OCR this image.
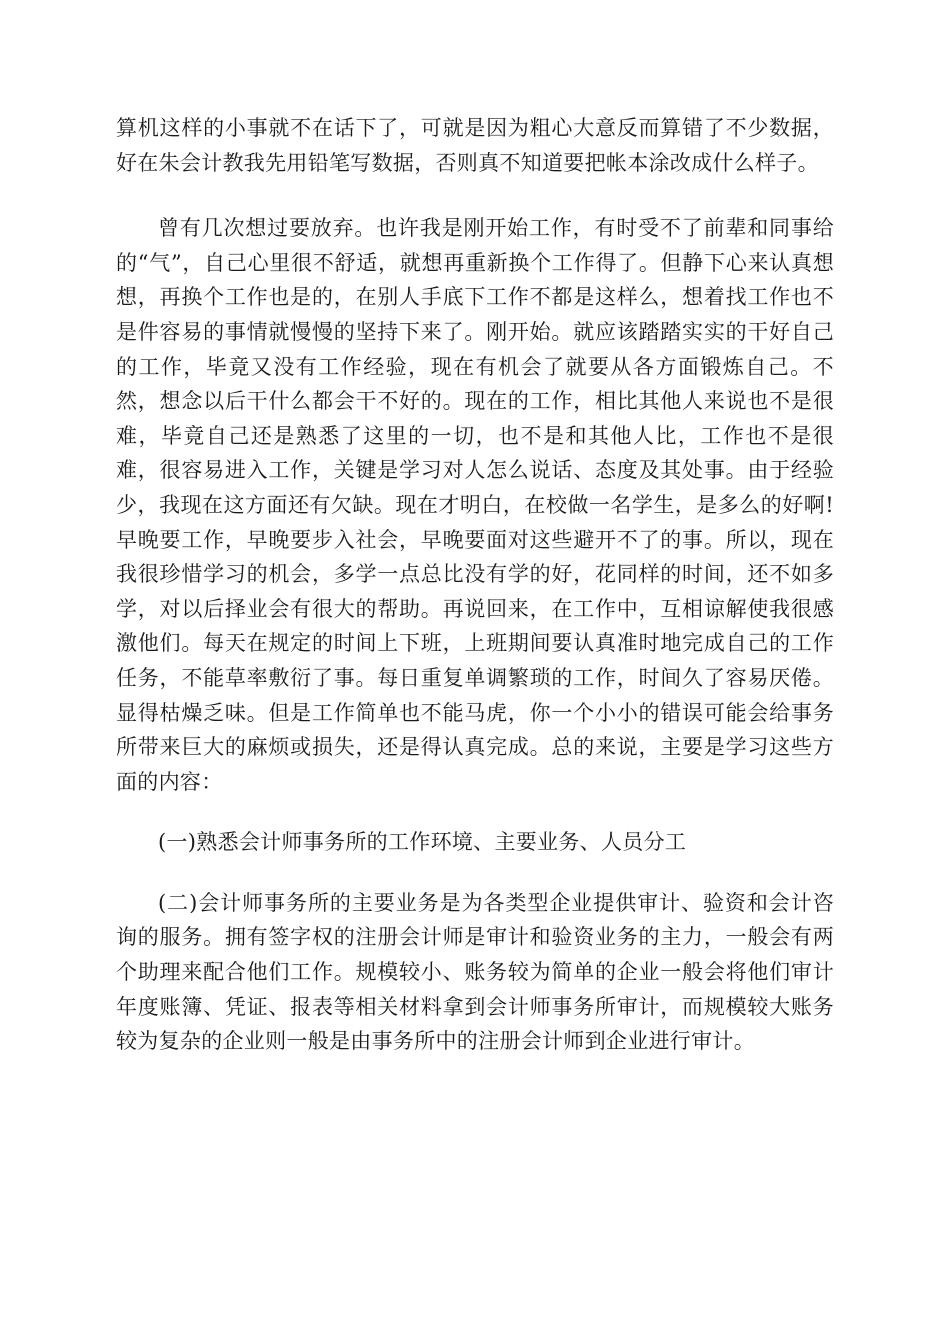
算机这样的小事就不在话下了，可就是因为粗心大意反而算错了不少数据，好在朱会计教我先用铅笔写数据，否则真不知道要把帐本涂改成什么样子。

曾有几次想过要放弃。也许我是刚开始工作，有时受不了前辈和同事给的“气”，自己心里很不舒适，就想再重新换个工作得了。但静下心来认真想想，再换个工作也是的，在别人手底下工作不都是这样么，想着找工作也不是件容易的事情就慢慢的坚持下来了。刚开始。就应该踏踏实实的干好自己的工作，毕竟又没有工作经验，现在有机会了就要从各方面锻炼自己。不然，想念以后干什么都会干不好的。现在的工作，相比其他人来说也不是很难，毕竟自己还是熟悉了这里的一切，也不是和其他人比，工作也不是很难，很容易进入工作，关键是学习对人怎么说话、态度及其处事。由于经验少，我现在这方面还有欠缺。现在才明白，在校做一名学生，是多么的好啊!早晚要工作，早晚要步入社会，早晚要面对这些避开不了的事。所以，现在我很珍惜学习的机会，多学一点总比没有学的好，花同样的时间，还不如多学，对以后择业会有很大的帮助。再说回来，在工作中，互相谅解使我很感激他们。每天在规定的时间上下班，上班期间要认真准时地完成自己的工作任务，不能草率敷衍了事。每日重复单调繁琐的工作，时间久了容易厌倦。显得枯燥乏味。但是工作简单也不能马虎，你一个小小的错误可能会给事务所带来巨大的麻烦或损失，还是得认真完成。总的来说，主要是学习这些方面的内容：

(一)熟悉会计师事务所的工作环境、主要业务、人员分工

(二)会计师事务所的主要业务是为各类型企业提供审计、验资和会计咨询的服务。拥有签字权的注册会计师是审计和验资业务的主力，一般会有两个助理来配合他们工作。规模较小、账务较为简单的企业一般会将他们审计年度账簿、凭证、报表等相关材料拿到会计师事务所审计，而规模较大账务较为复杂的企业则一般是由事务所中的注册会计师到企业进行审计。
